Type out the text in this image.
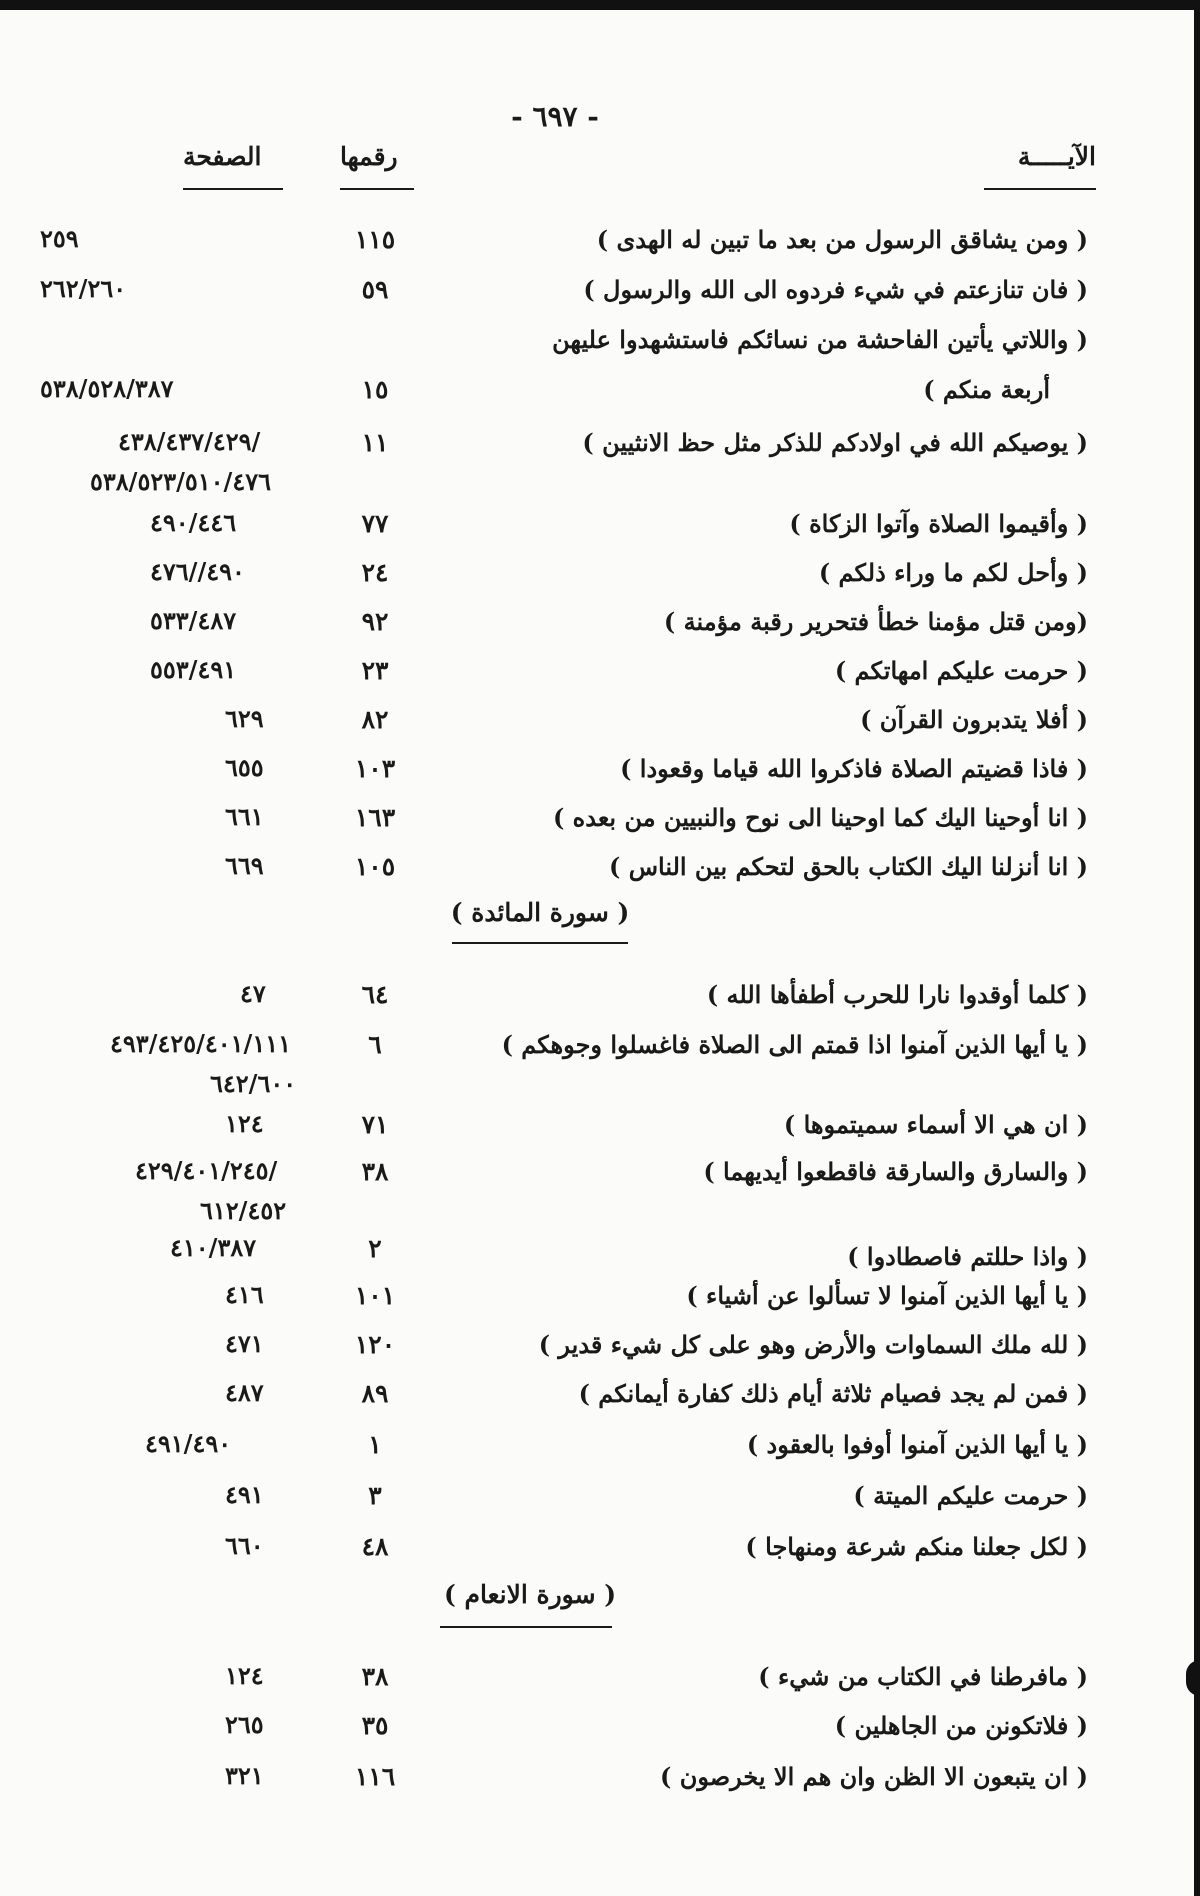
- ٦٩٧ -
الآيـــــة
رقمها
الصفحة
( ومن يشاقق الرسول من بعد ما تبين له الهدى )
١١٥
٢٥٩
( فان تنازعتم في شيء فردوه الى الله والرسول )
٥٩
٢٦٢/٢٦٠
( واللاتي يأتين الفاحشة من نسائكم فاستشهدوا عليهن
أربعة منكم )
١٥
٥٣٨/٥٢٨/٣٨٧
( يوصيكم الله في اولادكم للذكر مثل حظ الانثيين )
١١
/٤٣٨/٤٣٧/٤٢٩
٥٣٨/٥٢٣/٥١٠/٤٧٦
( وأقيموا الصلاة وآتوا الزكاة )
٧٧
٤٩٠/٤٤٦
( وأحل لكم ما وراء ذلكم )
٢٤
٤٩٠//٤٧٦
(ومن قتل مؤمنا خطأ فتحرير رقبة مؤمنة )
٩٢
٥٣٣/٤٨٧
( حرمت عليكم امهاتكم )
٢٣
٥٥٣/٤٩١
( أفلا يتدبرون القرآن )
٨٢
٦٢٩
( فاذا قضيتم الصلاة فاذكروا الله قياما وقعودا )
١٠٣
٦٥٥
( انا أوحينا اليك كما اوحينا الى نوح والنبيين من بعده )
١٦٣
٦٦١
( انا أنزلنا اليك الكتاب بالحق لتحكم بين الناس )
١٠٥
٦٦٩
( سورة المائدة )
( كلما أوقدوا نارا للحرب أطفأها الله )
٦٤
٤٧
( يا أيها الذين آمنوا اذا قمتم الى الصلاة فاغسلوا وجوهكم )
٦
٤٩٣/٤٢٥/٤٠١/١١١
٦٤٢/٦٠٠
( ان هي الا أسماء سميتموها )
٧١
١٢٤
( والسارق والسارقة فاقطعوا أيديهما )
٣٨
/٤٢٩/٤٠١/٢٤٥
٦١٢/٤٥٢
( واذا حللتم فاصطادوا )
٢
٤١٠/٣٨٧
( يا أيها الذين آمنوا لا تسألوا عن أشياء )
١٠١
٤١٦
( لله ملك السماوات والأرض وهو على كل شيء قدير )
١٢٠
٤٧١
( فمن لم يجد فصيام ثلاثة أيام ذلك كفارة أيمانكم )
٨٩
٤٨٧
( يا أيها الذين آمنوا أوفوا بالعقود )
١
٤٩١/٤٩٠
( حرمت عليكم الميتة )
٣
٤٩١
( لكل جعلنا منكم شرعة ومنهاجا )
٤٨
٦٦٠
( سورة الانعام )
( مافرطنا في الكتاب من شيء )
٣٨
١٢٤
( فلاتكونن من الجاهلين )
٣٥
٢٦٥
( ان يتبعون الا الظن وان هم الا يخرصون )
١١٦
٣٢١
